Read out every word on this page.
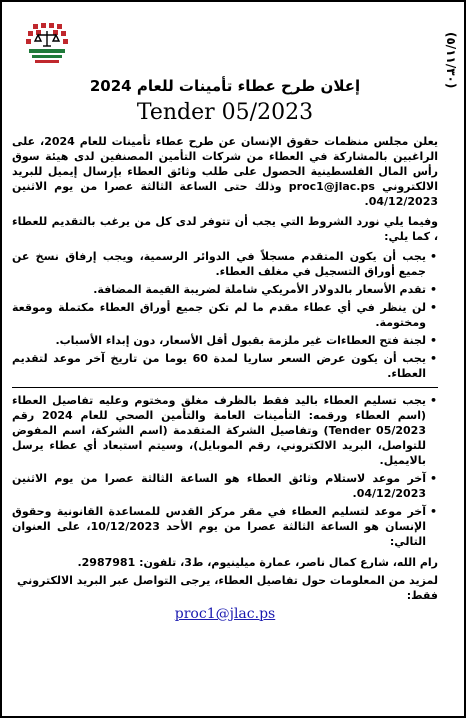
(٥/١١/٣٠)
إعلان طرح عطاء تأمينات للعام 2024
Tender 05/2023

يعلن مجلس منظمات حقوق الإنسان عن طرح عطاء تأمينات للعام 2024، على الراغبين بالمشاركة في العطاء من شركات التأمين المصنفين لدى هيئة سوق رأس المال الفلسطينية الحصول على طلب وثائق العطاء بإرسال إيميل للبريد الالكتروني proc1@jlac.ps وذلك حتى الساعة الثالثة عصرا من يوم الاثنين 04/12/2023.

وفيما يلي نورد الشروط التي يجب أن تتوفر لدى كل من يرغب بالتقديم للعطاء ، كما يلي:

•
يجب أن يكون المتقدم مسجلاً في الدوائر الرسمية، ويجب إرفاق نسخ عن جميع أوراق التسجيل في مغلف العطاء.
•
تقدم الأسعار بالدولار الأمريكي شاملة لضريبة القيمة المضافة.
•
لن ينظر في أي عطاء مقدم ما لم تكن جميع أوراق العطاء مكتملة وموقعة ومختومة.
•
لجنة فتح العطاءات غير ملزمة بقبول أقل الأسعار، دون إبداء الأسباب.
•
يجب أن يكون عرض السعر ساريا لمدة 60 يوما من تاريخ آخر موعد لتقديم العطاء.
•
يجب تسليم العطاء باليد فقط بالظرف مغلق ومختوم وعليه تفاصيل العطاء (اسم العطاء ورقمه: التأمينات العامة والتأمين الصحي للعام 2024 رقم Tender 05/2023) وتفاصيل الشركة المتقدمة (اسم الشركة، اسم المفوض للتواصل، البريد الالكتروني، رقم الموبايل)، وسيتم استبعاد أي عطاء يرسل بالايميل.
•
آخر موعد لاستلام وثائق العطاء هو الساعة الثالثة عصرا من يوم الاثنين 04/12/2023.
•
آخر موعد لتسليم العطاء في مقر مركز القدس للمساعدة القانونية وحقوق الإنسان هو الساعة الثالثة عصرا من يوم الأحد 10/12/2023، على العنوان التالي:

رام الله، شارع كمال ناصر، عمارة ميلينيوم، ط3، تلفون: 2987981.

لمزيد من المعلومات حول تفاصيل العطاء، يرجى التواصل عبر البريد الالكتروني فقط:

proc1@jlac.ps
